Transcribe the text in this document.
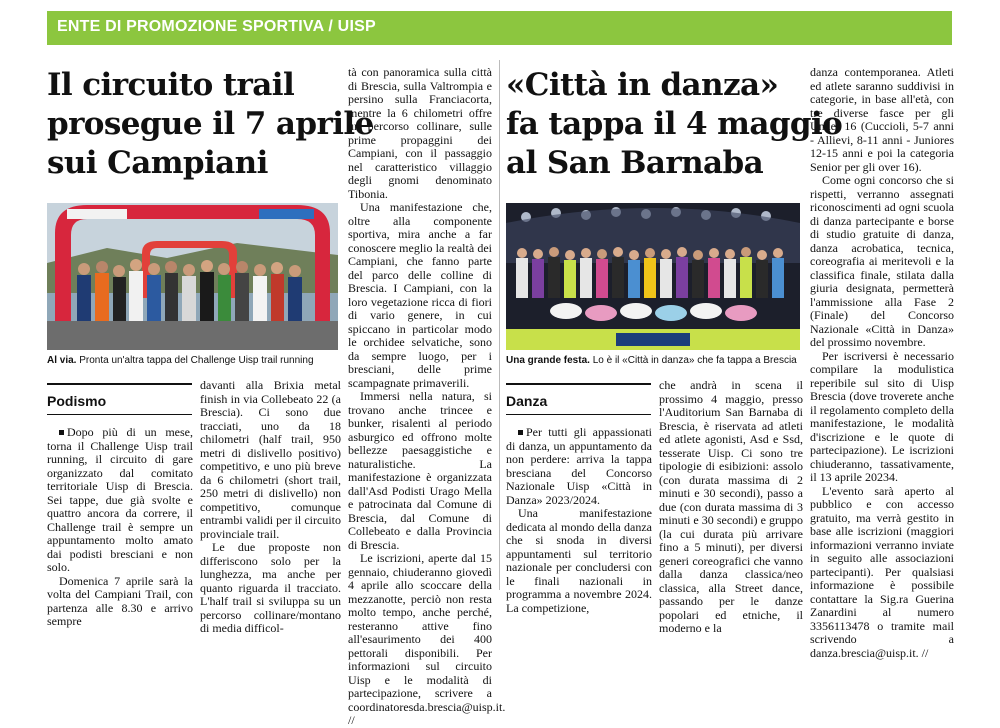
ENTE DI PROMOZIONE SPORTIVA / UISP
Il circuito trail
prosegue il 7 aprile
sui Campiani
Al via. Pronta un'altra tappa del Challenge Uisp trail running
Podismo

Dopo più di un mese, torna il Challenge Uisp trail running, il circuito di gare organizzato dal comitato territoriale Uisp di Brescia. Sei tappe, due già svolte e quattro ancora da correre, il Challenge trail è sempre un appuntamento molto amato dai podisti bresciani e non solo.

Domenica 7 aprile sarà la volta del Campiani Trail, con partenza alle 8.30 e arrivo sempre

davanti alla Brixia metal finish in via Collebeato 22 (a Brescia). Ci sono due tracciati, uno da 18 chilometri (half trail, 950 metri di dislivello positivo) competitivo, e uno più breve da 6 chilometri (short trail, 250 metri di dislivello) non competitivo, comunque entrambi validi per il circuito provinciale trail.

Le due proposte non differiscono solo per la lunghezza, ma anche per quanto riguarda il tracciato. L'half trail si sviluppa su un percorso collinare/montano di media difficol-

tà con panoramica sulla città di Brescia, sulla Valtrompia e persino sulla Franciacorta, mentre la 6 chilometri offre un percorso collinare, sulle prime propaggini dei Campiani, con il passaggio nel caratteristico villaggio degli gnomi denominato Tibonia.

Una manifestazione che, oltre alla componente sportiva, mira anche a far conoscere meglio la realtà dei Campiani, che fanno parte del parco delle colline di Brescia. I Campiani, con la loro vegetazione ricca di fiori di vario genere, in cui spiccano in particolar modo le orchidee selvatiche, sono da sempre luogo, per i bresciani, delle prime scampagnate primaverili.

Immersi nella natura, si trovano anche trincee e bunker, risalenti al periodo asburgico ed offrono molte bellezze paesaggistiche e naturalistiche. La manifestazione è organizzata dall'Asd Podisti Urago Mella e patrocinata dal Comune di Brescia, dal Comune di Collebeato e dalla Provincia di Brescia.

Le iscrizioni, aperte dal 15 gennaio, chiuderanno giovedì 4 aprile allo scoccare della mezzanotte, perciò non resta molto tempo, anche perché, resteranno attive fino all'esaurimento dei 400 pettorali disponibili. Per informazioni sul circuito Uisp e le modalità di partecipazione, scrivere a coordinatoresda.brescia@uisp.it. //

«Città in danza»
fa tappa il 4 maggio
al San Barnaba
Una grande festa. Lo è il «Città in danza» che fa tappa a Brescia
Danza

Per tutti gli appassionati di danza, un appuntamento da non perdere: arriva la tappa bresciana del Concorso Nazionale Uisp «Città in Danza» 2023/2024.

Una manifestazione dedicata al mondo della danza che si snoda in diversi appuntamenti sul territorio nazionale per concludersi con le finali nazionali in programma a novembre 2024. La competizione,

che andrà in scena il prossimo 4 maggio, presso l'Auditorium San Barnaba di Brescia, è riservata ad atleti ed atlete agonisti, Asd e Ssd, tesserate Uisp. Ci sono tre tipologie di esibizioni: assolo (con durata massima di 2 minuti e 30 secondi), passo a due (con durata massima di 3 minuti e 30 secondi) e gruppo (la cui durata più arrivare fino a 5 minuti), per diversi generi coreografici che vanno dalla danza classica/neo classica, alla Street dance, passando per le danze popolari ed etniche, il moderno e la

danza contemporanea. Atleti ed atlete saranno suddivisi in categorie, in base all'età, con tre diverse fasce per gli Under 16 (Cuccioli, 5-7 anni - Allievi, 8-11 anni - Juniores 12-15 anni e poi la categoria Senior per gli over 16).

Come ogni concorso che si rispetti, verranno assegnati riconoscimenti ad ogni scuola di danza partecipante e borse di studio gratuite di danza, danza acrobatica, tecnica, coreografia ai meritevoli e la classifica finale, stilata dalla giuria designata, permetterà l'ammissione alla Fase 2 (Finale) del Concorso Nazionale «Città in Danza» del prossimo novembre.

Per iscriversi è necessario compilare la modulistica reperibile sul sito di Uisp Brescia (dove troverete anche il regolamento completo della manifestazione, le modalità d'iscrizione e le quote di partecipazione). Le iscrizioni chiuderanno, tassativamente, il 13 aprile 20234.

L'evento sarà aperto al pubblico e con accesso gratuito, ma verrà gestito in base alle iscrizioni (maggiori informazioni verranno inviate in seguito alle associazioni partecipanti). Per qualsiasi informazione è possibile contattare la Sig.ra Guerina Zanardini al numero 3356113478 o tramite mail scrivendo a danza.brescia@uisp.it. //
